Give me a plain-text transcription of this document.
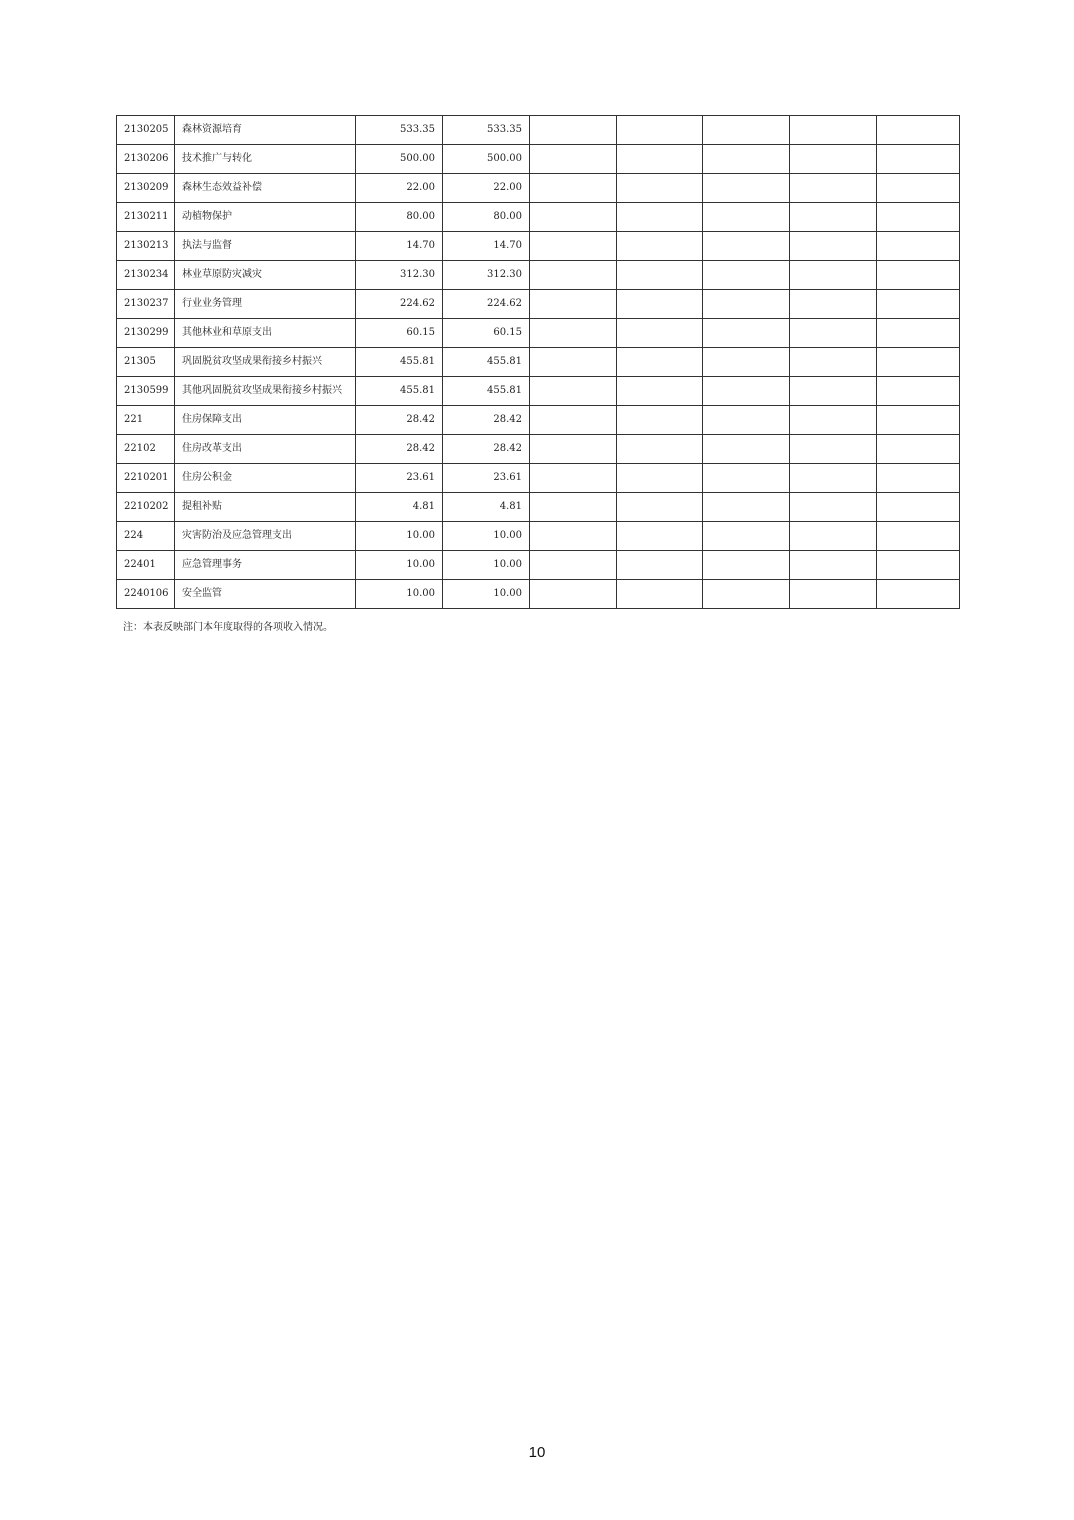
2130205	森林资源培育	533.35	533.35					
2130206	技术推广与转化	500.00	500.00					
2130209	森林生态效益补偿	22.00	22.00					
2130211	动植物保护	80.00	80.00					
2130213	执法与监督	14.70	14.70					
2130234	林业草原防灾减灾	312.30	312.30					
2130237	行业业务管理	224.62	224.62					
2130299	其他林业和草原支出	60.15	60.15					
21305	巩固脱贫攻坚成果衔接乡村振兴	455.81	455.81					
2130599	其他巩固脱贫攻坚成果衔接乡村振兴	455.81	455.81					
221	住房保障支出	28.42	28.42					
22102	住房改革支出	28.42	28.42					
2210201	住房公积金	23.61	23.61					
2210202	提租补贴	4.81	4.81					
224	灾害防治及应急管理支出	10.00	10.00					
22401	应急管理事务	10.00	10.00					
2240106	安全监管	10.00	10.00					
注：本表反映部门本年度取得的各项收入情况。
10
